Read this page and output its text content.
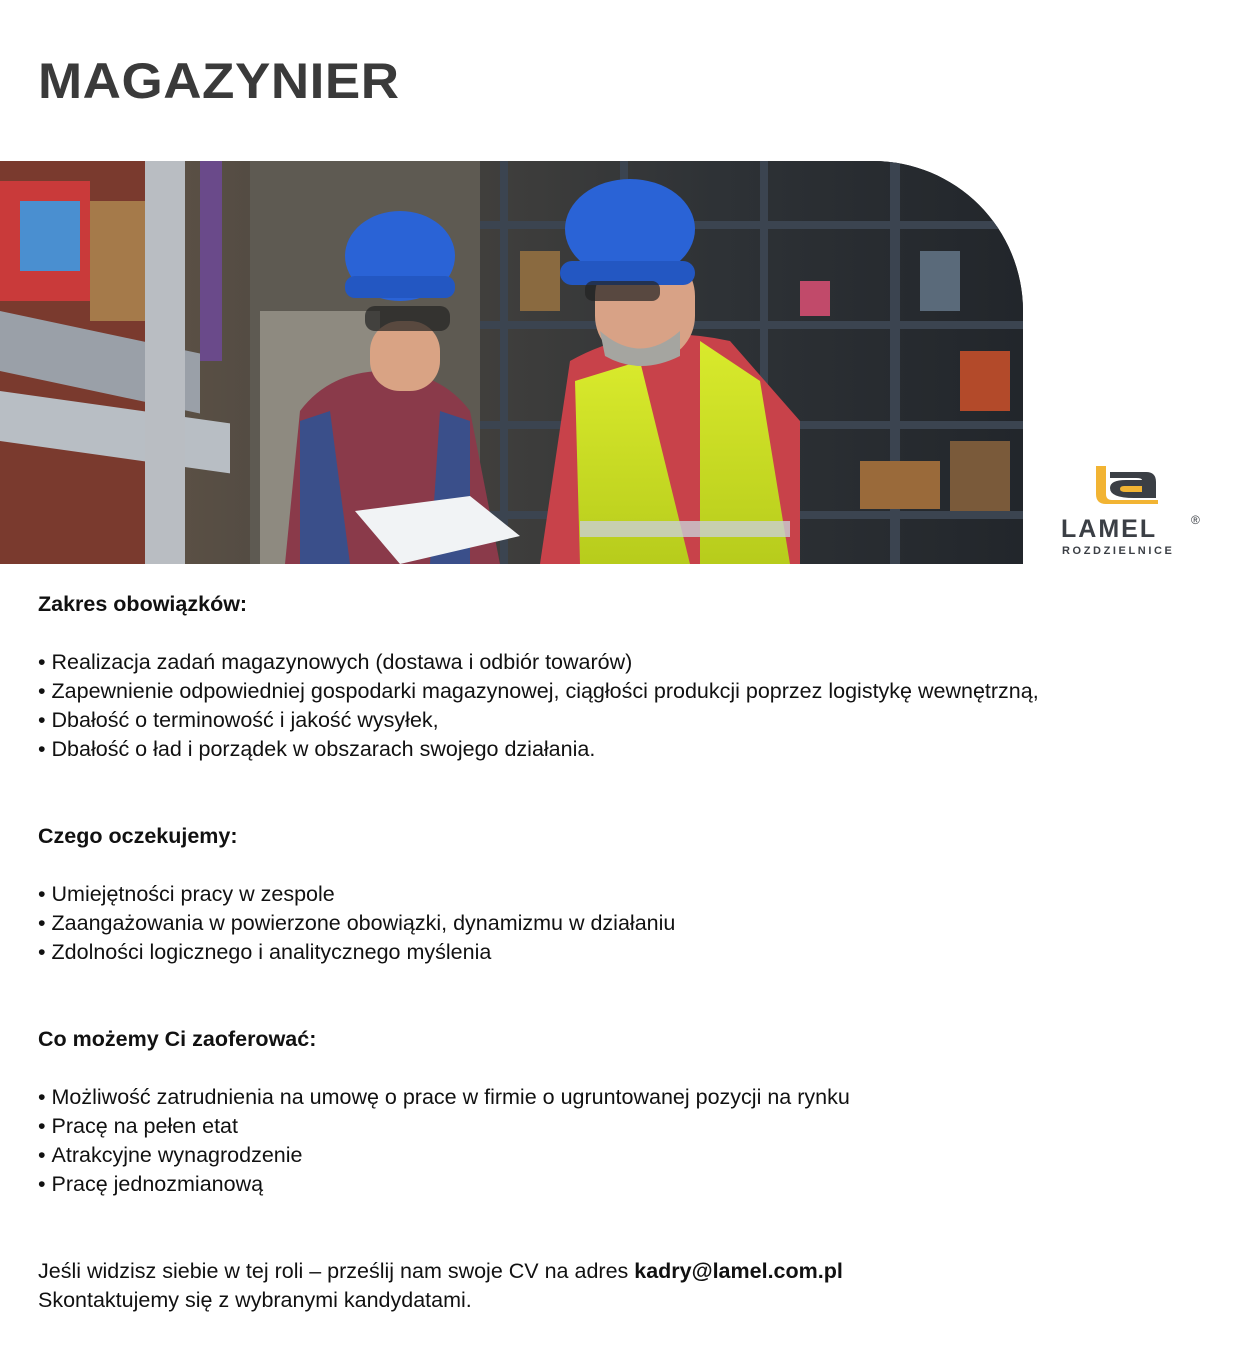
MAGAZYNIER
LAMEL	®
ROZDZIELNICE

Zakres obowiązków:

• Realizacja zadań magazynowych (dostawa i odbiór towarów)
• Zapewnienie odpowiedniej gospodarki magazynowej, ciągłości produkcji poprzez logistykę wewnętrzną,
• Dbałość o terminowość i jakość wysyłek,
• Dbałość o ład i porządek w obszarach swojego działania.

Czego oczekujemy:

• Umiejętności pracy w zespole
• Zaangażowania w powierzone obowiązki, dynamizmu w działaniu
• Zdolności logicznego i analitycznego myślenia

Co możemy Ci zaoferować:

• Możliwość zatrudnienia na umowę o prace w firmie o ugruntowanej pozycji na rynku
• Pracę na pełen etat
• Atrakcyjne wynagrodzenie
• Pracę jednozmianową

Jeśli widzisz siebie w tej roli – prześlij nam swoje CV na adres kadry@lamel.com.pl

Skontaktujemy się z wybranymi kandydatami.
